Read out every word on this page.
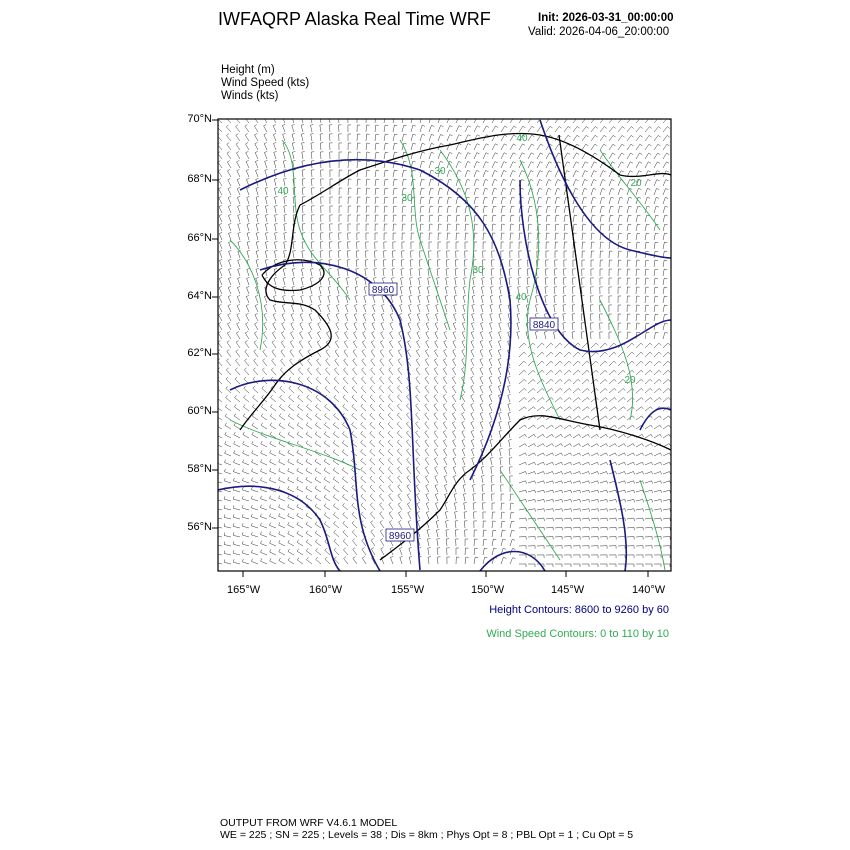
IWFAQRP Alaska Real Time WRF	Init: 2026-03-31_00:00:00
Valid: 2026-04-06_20:00:00
Height (m)
Wind Speed (kts)
Winds (kts)
8960
8840
8960
40
30
30
30
40
40
20
20
70°N
68°N
66°N
64°N
62°N
60°N
58°N
56°N
165°W	160°W	155°W	150°W	145°W	140°W
Height Contours: 8600 to 9260 by 60
Wind Speed Contours: 0 to 110 by 10
OUTPUT FROM WRF V4.6.1 MODEL
WE = 225 ; SN = 225 ; Levels = 38 ; Dis = 8km ; Phys Opt = 8 ; PBL Opt = 1 ; Cu Opt = 5
